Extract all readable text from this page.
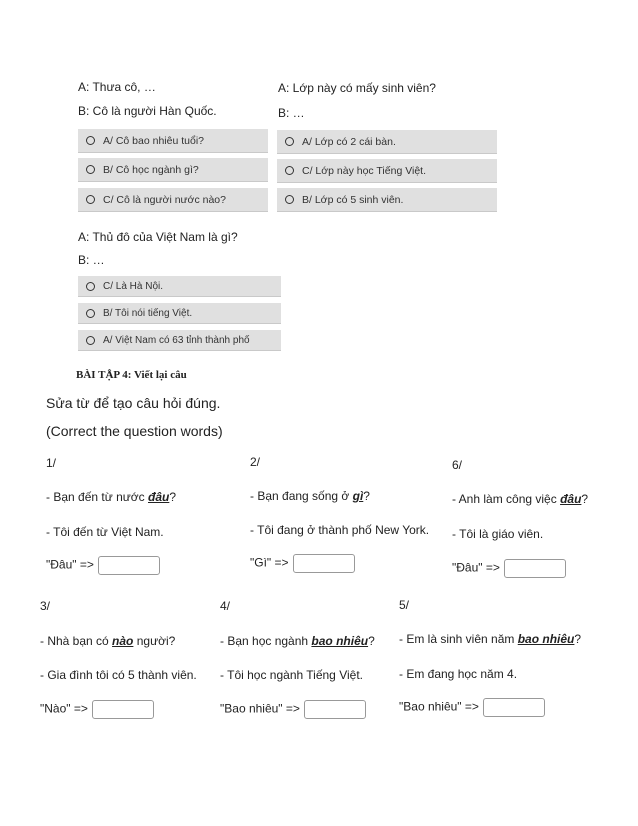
A: Thưa cô, …
B: Cô là người Hàn Quốc.
A/ Cô bao nhiêu tuổi?
B/ Cô học ngành gì?
C/ Cô là người nước nào?
A: Lớp này có mấy sinh viên?
B: …
A/ Lớp có 2 cái bàn.
C/ Lớp này học Tiếng Việt.
B/ Lớp có 5 sinh viên.
A: Thủ đô của Việt Nam là gì?
B: …
C/ Là Hà Nội.
B/ Tôi nói tiếng Việt.
A/ Việt Nam có 63 tỉnh thành phố
BÀI TẬP 4: Viết lại câu
Sửa từ để tạo câu hỏi đúng.
(Correct the question words)
1/
- Bạn đến từ nước đâu?
- Tôi đến từ Việt Nam.
"Đâu" =>
2/
- Bạn đang sống ở gì?
- Tôi đang ở thành phố New York.
"Gì" =>
6/
- Anh làm công việc đâu?
- Tôi là giáo viên.
"Đâu" =>
3/
- Nhà bạn có nào người?
- Gia đình tôi có 5 thành viên.
"Nào" =>
4/
- Bạn học ngành bao nhiêu?
- Tôi học ngành Tiếng Việt.
"Bao nhiêu" =>
5/
- Em là sinh viên năm bao nhiêu?
- Em đang học năm 4.
"Bao nhiêu" =>
